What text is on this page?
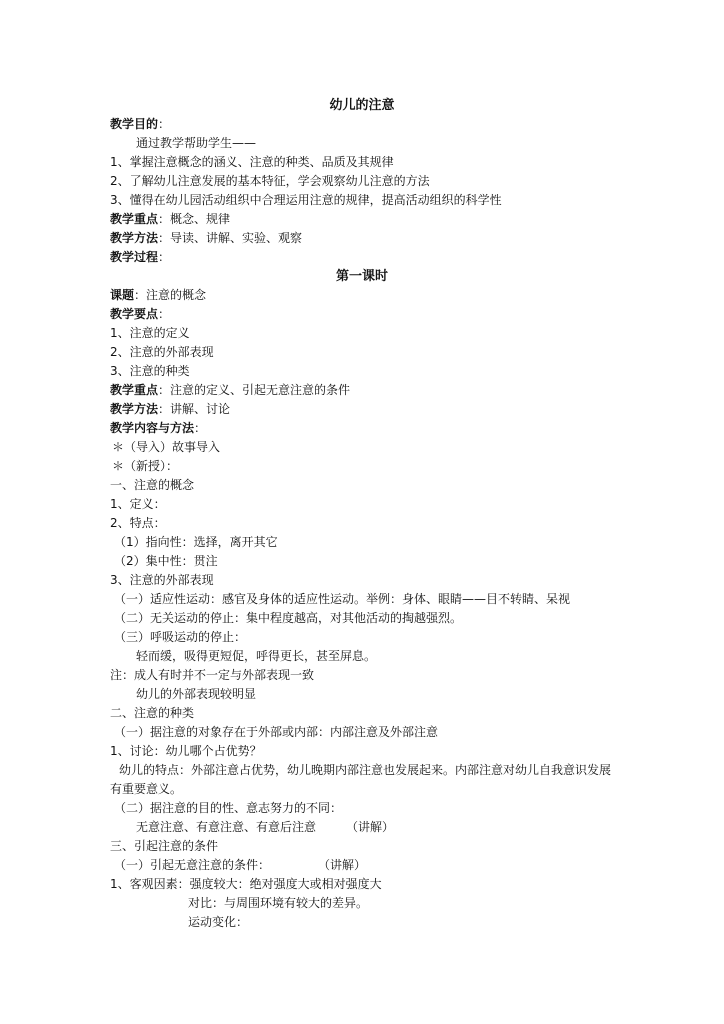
幼儿的注意
教学目的：
通过教学帮助学生——
1、掌握注意概念的涵义、注意的种类、品质及其规律
2、了解幼儿注意发展的基本特征，学会观察幼儿注意的方法
3、懂得在幼儿园活动组织中合理运用注意的规律，提高活动组织的科学性
教学重点：概念、规律
教学方法：导读、讲解、实验、观察
教学过程：
第一课时
课题：注意的概念
教学要点：
1、注意的定义
2、注意的外部表现
3、注意的种类
教学重点：注意的定义、引起无意注意的条件
教学方法：讲解、讨论
教学内容与方法：
＊（导入）故事导入
＊（新授）：
一、注意的概念
1、定义：
2、特点：
（1）指向性：选择，离开其它
（2）集中性：贯注
3、注意的外部表现
（一）适应性运动：感官及身体的适应性运动。举例：身体、眼睛——目不转睛、呆视
（二）无关运动的停止：集中程度越高，对其他活动的掏越强烈。
（三）呼吸运动的停止：
轻而缓，吸得更短促，呼得更长，甚至屏息。
注：成人有时并不一定与外部表现一致
幼儿的外部表现较明显
二、注意的种类
（一）据注意的对象存在于外部或内部：内部注意及外部注意
1、讨论：幼儿哪个占优势？
幼儿的特点：外部注意占优势，幼儿晚期内部注意也发展起来。内部注意对幼儿自我意识发展有重要意义。
（二）据注意的目的性、意志努力的不同：
无意注意、有意注意、有意后注意　　　（讲解）
三、引起注意的条件
（一）引起无意注意的条件：　　　　　（讲解）
1、客观因素：强度较大：绝对强度大或相对强度大
对比：与周围环境有较大的差异。
运动变化：
